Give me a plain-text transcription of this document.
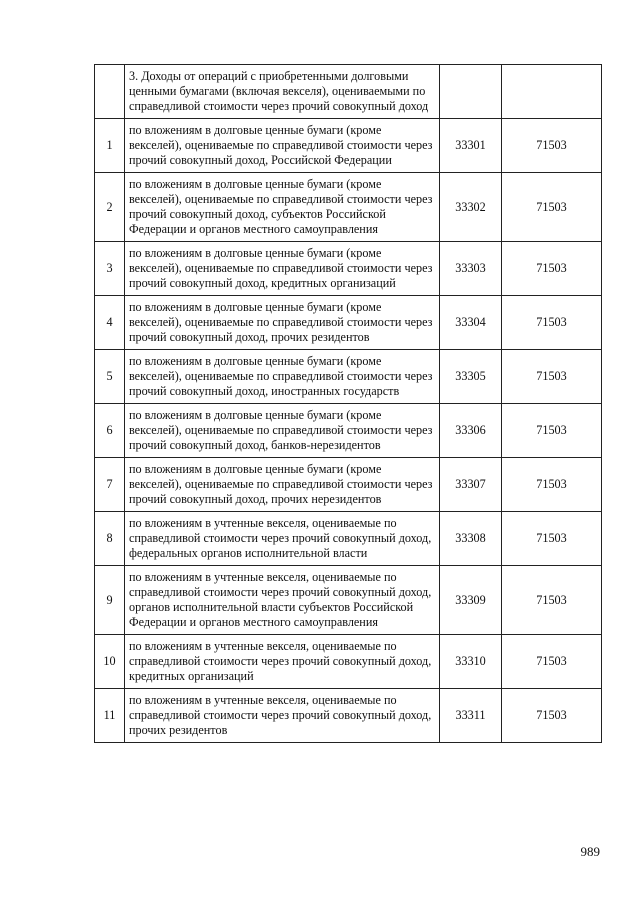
	3. Доходы от операций с приобретенными долговыми ценными бумагами (включая векселя), оцениваемыми по справедливой стоимости через прочий совокупный доход		
1	по вложениям в долговые ценные бумаги (кроме векселей), оцениваемые по справедливой стоимости через прочий совокупный доход, Российской Федерации	33301	71503
2	по вложениям в долговые ценные бумаги (кроме векселей), оцениваемые по справедливой стоимости через прочий совокупный доход, субъектов Российской Федерации и органов местного самоуправления	33302	71503
3	по вложениям в долговые ценные бумаги (кроме векселей), оцениваемые по справедливой стоимости через прочий совокупный доход, кредитных организаций	33303	71503
4	по вложениям в долговые ценные бумаги (кроме векселей), оцениваемые по справедливой стоимости через прочий совокупный доход, прочих резидентов	33304	71503
5	по вложениям в долговые ценные бумаги (кроме векселей), оцениваемые по справедливой стоимости через прочий совокупный доход, иностранных государств	33305	71503
6	по вложениям в долговые ценные бумаги (кроме векселей), оцениваемые по справедливой стоимости через прочий совокупный доход, банков-нерезидентов	33306	71503
7	по вложениям в долговые ценные бумаги (кроме векселей), оцениваемые по справедливой стоимости через прочий совокупный доход, прочих нерезидентов	33307	71503
8	по вложениям в учтенные векселя, оцениваемые по справедливой стоимости через прочий совокупный доход, федеральных органов исполнительной власти	33308	71503
9	по вложениям в учтенные векселя, оцениваемые по справедливой стоимости через прочий совокупный доход, органов исполнительной власти субъектов Российской Федерации и органов местного самоуправления	33309	71503
10	по вложениям в учтенные векселя, оцениваемые по справедливой стоимости через прочий совокупный доход, кредитных организаций	33310	71503
11	по вложениям в учтенные векселя, оцениваемые по справедливой стоимости через прочий совокупный доход, прочих резидентов	33311	71503
989
